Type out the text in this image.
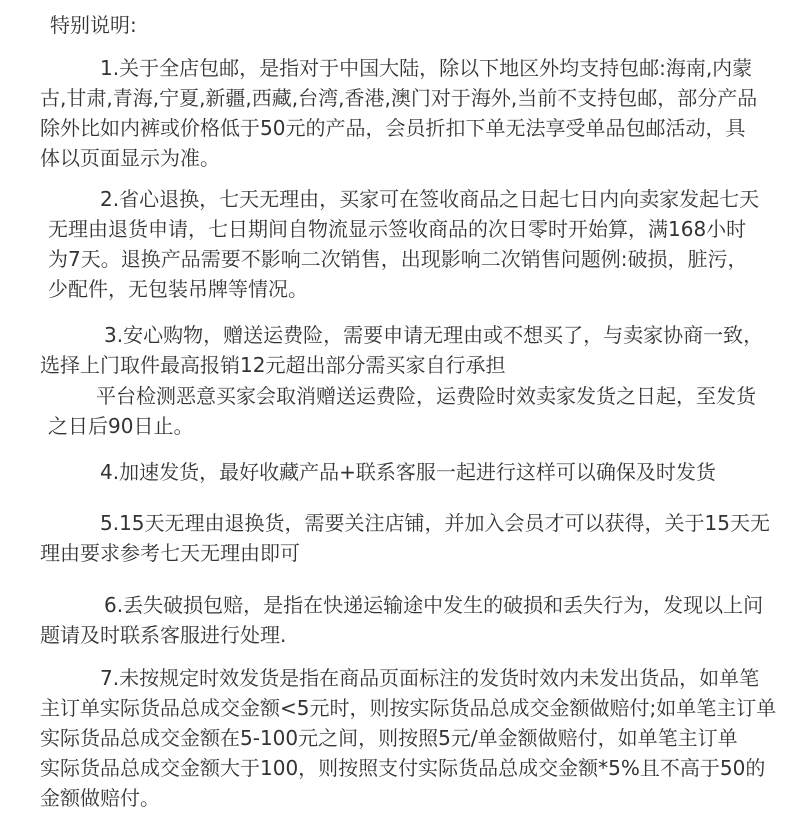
特别说明:
1.关于全店包邮，是指对于中国大陆，除以下地区外均支持包邮:海南,内蒙
古,甘肃,青海,宁夏,新疆,西藏,台湾,香港,澳门对于海外,当前不支持包邮，部分产品
除外比如内裤或价格低于50元的产品，会员折扣下单无法享受单品包邮活动，具
体以页面显示为准。
2.省心退换，七天无理由，买家可在签收商品之日起七日内向卖家发起七天
无理由退货申请，七日期间自物流显示签收商品的次日零时开始算，满168小时
为7天。退换产品需要不影响二次销售，出现影响二次销售问题例:破损，脏污，
少配件，无包装吊牌等情况。
3.安心购物，赠送运费险，需要申请无理由或不想买了，与卖家协商一致，
选择上门取件最高报销12元超出部分需买家自行承担
平台检测恶意买家会取消赠送运费险，运费险时效卖家发货之日起，至发货
之日后90日止。
4.加速发货，最好收藏产品+联系客服一起进行这样可以确保及时发货
5.15天无理由退换货，需要关注店铺，并加入会员才可以获得，关于15天无
理由要求参考七天无理由即可
6.丢失破损包赔，是指在快递运输途中发生的破损和丢失行为，发现以上问
题请及时联系客服进行处理.
7.未按规定时效发货是指在商品页面标注的发货时效内未发出货品，如单笔
主订单实际货品总成交金额<5元时，则按实际货品总成交金额做赔付;如单笔主订单
实际货品总成交金额在5-100元之间，则按照5元/单金额做赔付，如单笔主订单
实际货品总成交金额大于100，则按照支付实际货品总成交金额*5%且不高于50的
金额做赔付。
